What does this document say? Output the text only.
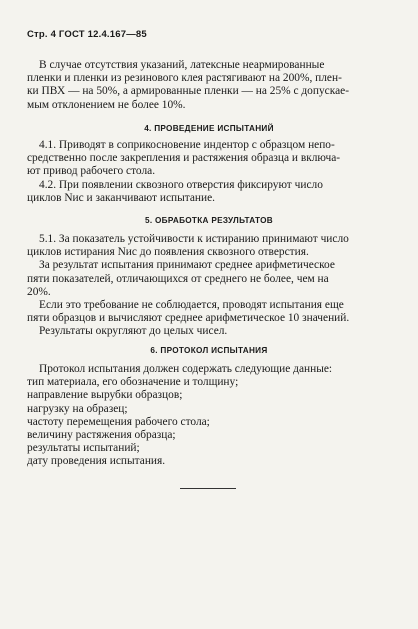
Стр. 4 ГОСТ 12.4.167—85
В случае отсутствия указаний, латексные неармированные
пленки и пленки из резинового клея растягивают на 200%, плен-
ки ПВХ — на 50%, а армированные пленки — на 25% с допускае-
мым отклонением не более 10%.
4. ПРОВЕДЕНИЕ ИСПЫТАНИЙ
4.1. Приводят в соприкосновение индентор с образцом непо-
средственно после закрепления и растяжения образца и включа-
ют привод рабочего стола.
4.2. При появлении сквозного отверстия фиксируют число
циклов Nис и заканчивают испытание.
5. ОБРАБОТКА РЕЗУЛЬТАТОВ
5.1. За показатель устойчивости к истиранию принимают число
циклов истирания Nис до появления сквозного отверстия.
За результат испытания принимают среднее арифметическое
пяти показателей, отличающихся от среднего не более, чем на
20%.
Если это требование не соблюдается, проводят испытания еще
пяти образцов и вычисляют среднее арифметическое 10 значений.
Результаты округляют до целых чисел.
6. ПРОТОКОЛ ИСПЫТАНИЯ
Протокол испытания должен содержать следующие данные:
тип материала, его обозначение и толщину;
направление вырубки образцов;
нагрузку на образец;
частоту перемещения рабочего стола;
величину растяжения образца;
результаты испытаний;
дату проведения испытания.
